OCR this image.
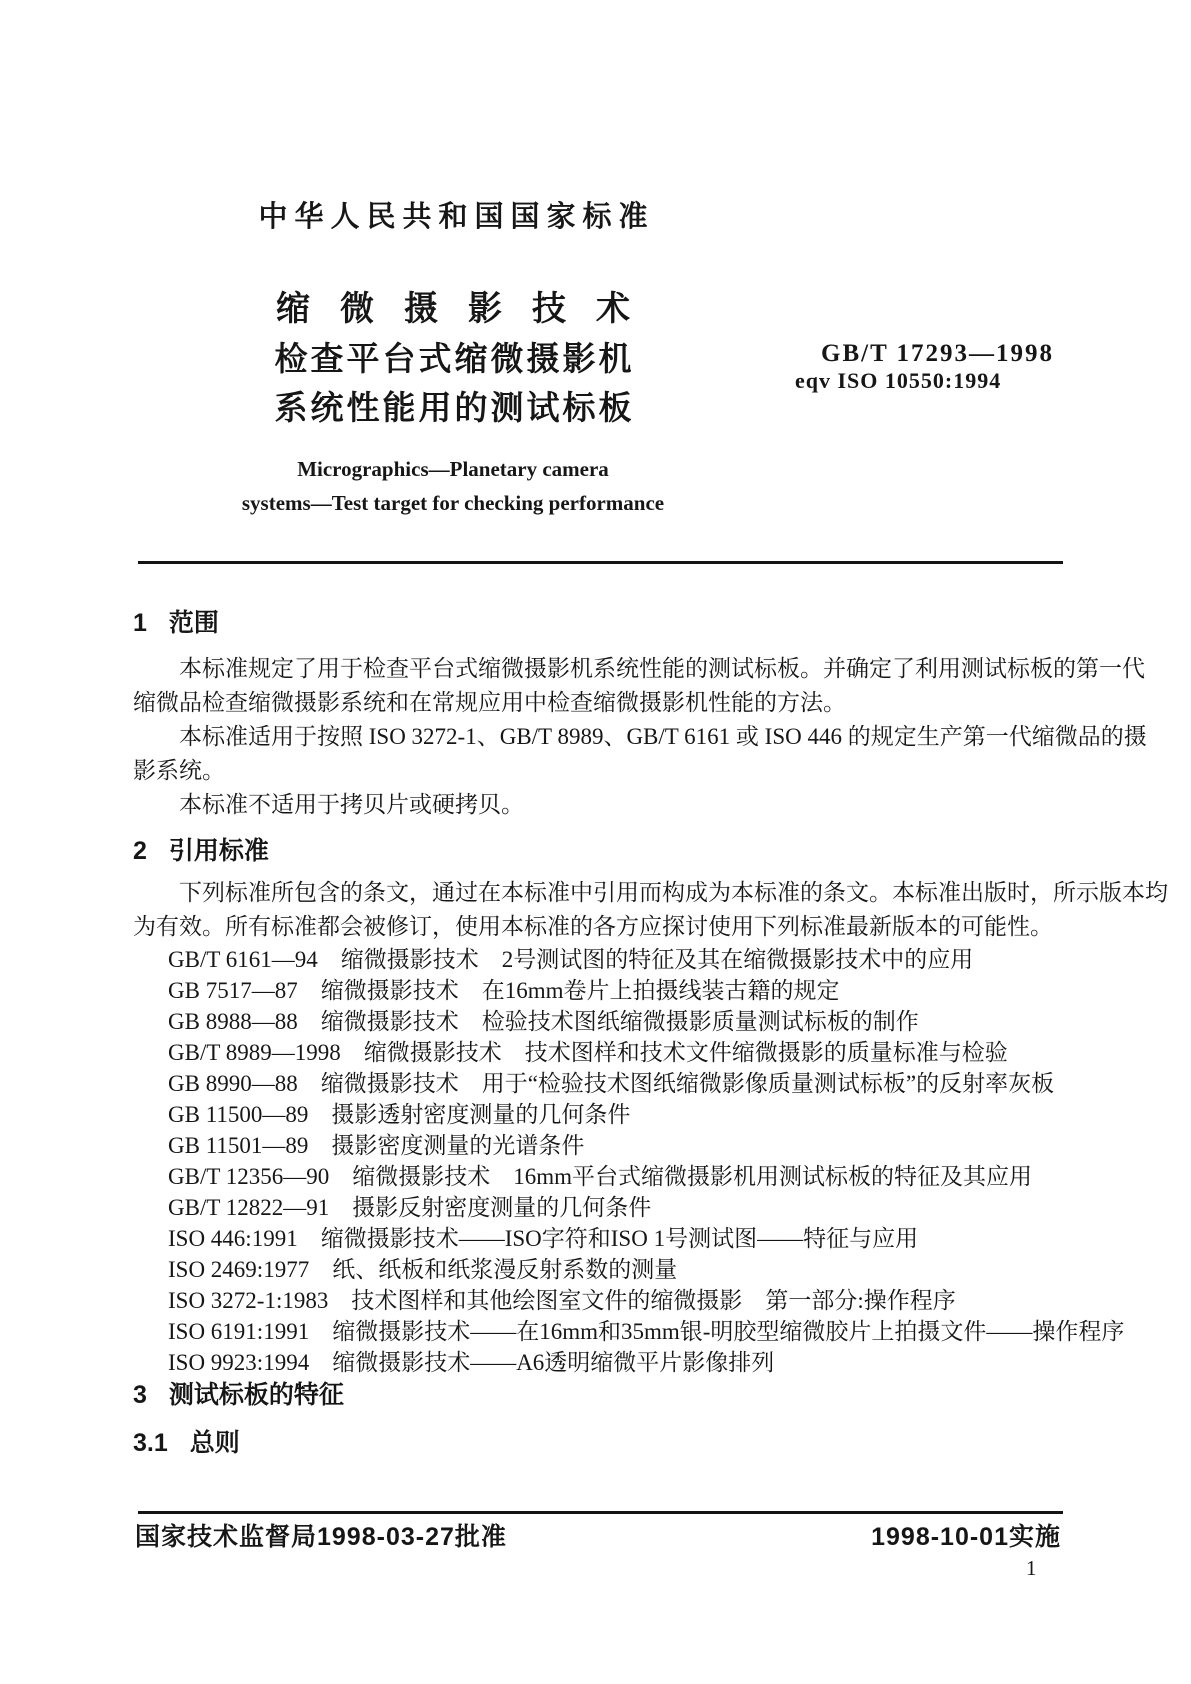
中华人民共和国国家标准
缩微摄影技术
检查平台式缩微摄影机
系统性能用的测试标板
Micrographics—Planetary camera
systems—Test target for checking performance
GB/T 17293—1998
eqv ISO 10550:1994
1 范围
本标准规定了用于检查平台式缩微摄影机系统性能的测试标板。并确定了利用测试标板的第一代
缩微品检查缩微摄影系统和在常规应用中检查缩微摄影机性能的方法。
本标准适用于按照 ISO 3272-1、GB/T 8989、GB/T 6161 或 ISO 446 的规定生产第一代缩微品的摄
影系统。
本标准不适用于拷贝片或硬拷贝。
2 引用标准
下列标准所包含的条文，通过在本标准中引用而构成为本标准的条文。本标准出版时，所示版本均
为有效。所有标准都会被修订，使用本标准的各方应探讨使用下列标准最新版本的可能性。
GB/T 6161—94　缩微摄影技术　2号测试图的特征及其在缩微摄影技术中的应用
GB 7517—87　缩微摄影技术　在16mm卷片上拍摄线装古籍的规定
GB 8988—88　缩微摄影技术　检验技术图纸缩微摄影质量测试标板的制作
GB/T 8989—1998　缩微摄影技术　技术图样和技术文件缩微摄影的质量标准与检验
GB 8990—88　缩微摄影技术　用于“检验技术图纸缩微影像质量测试标板”的反射率灰板
GB 11500—89　摄影透射密度测量的几何条件
GB 11501—89　摄影密度测量的光谱条件
GB/T 12356—90　缩微摄影技术　16mm平台式缩微摄影机用测试标板的特征及其应用
GB/T 12822—91　摄影反射密度测量的几何条件
ISO 446:1991　缩微摄影技术——ISO字符和ISO 1号测试图——特征与应用
ISO 2469:1977　纸、纸板和纸浆漫反射系数的测量
ISO 3272-1:1983　技术图样和其他绘图室文件的缩微摄影　第一部分:操作程序
ISO 6191:1991　缩微摄影技术——在16mm和35mm银-明胶型缩微胶片上拍摄文件——操作程序
ISO 9923:1994　缩微摄影技术——A6透明缩微平片影像排列
3 测试标板的特征
3.1 总则
国家技术监督局1998-03-27批准	1998-10-01实施
1
